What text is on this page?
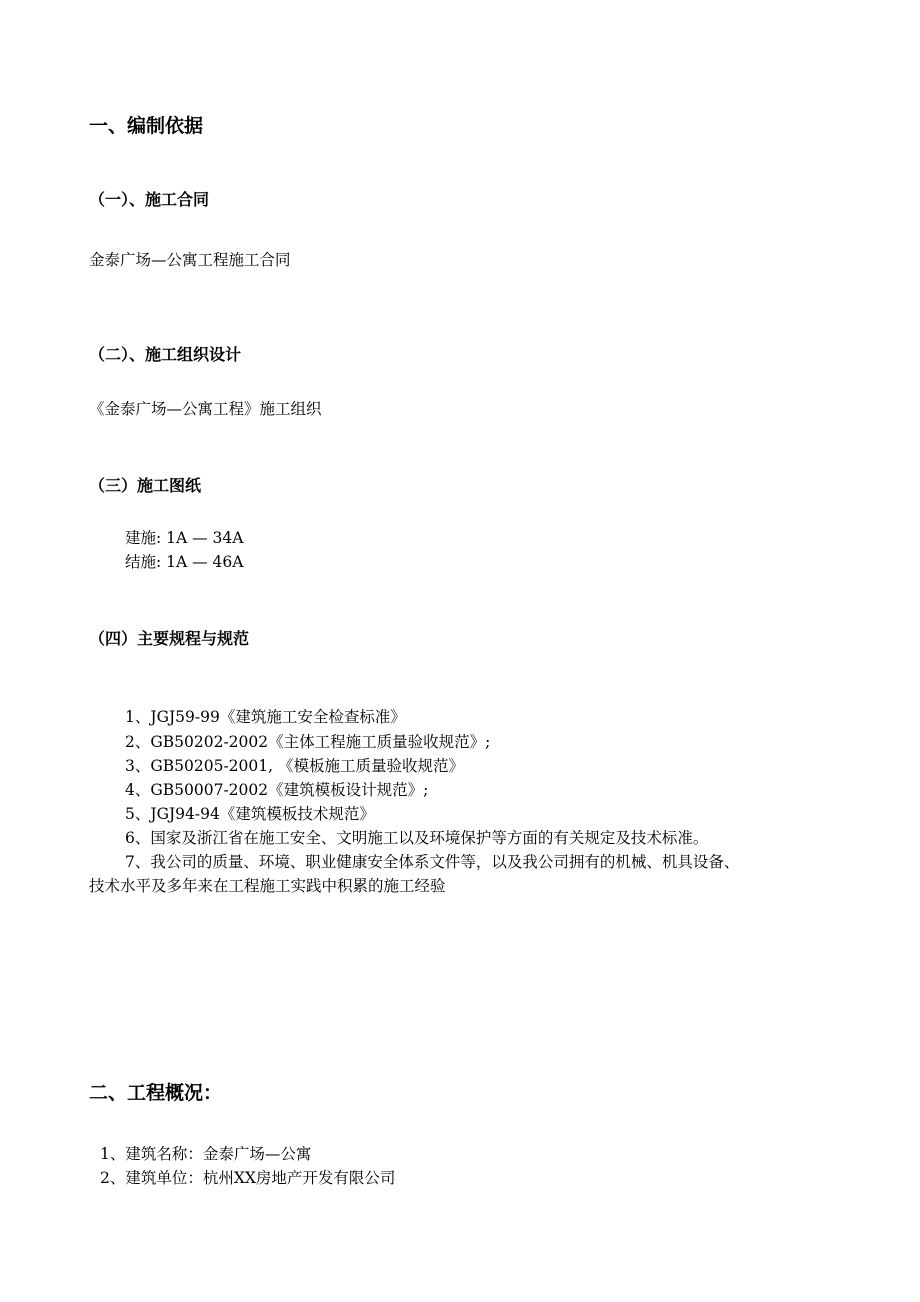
一、编制依据
（一）、施工合同
金泰广场—公寓工程施工合同
（二）、施工组织设计
《金泰广场—公寓工程》施工组织
（三）施工图纸
建施: 1A — 34A
结施: 1A — 46A
（四）主要规程与规范
1、JGJ59-99《建筑施工安全检查标准》
2、GB50202-2002《主体工程施工质量验收规范》;
3、GB50205-2001, 《模板施工质量验收规范》
4、GB50007-2002《建筑模板设计规范》;
5、JGJ94-94《建筑模板技术规范》
6、国家及浙江省在施工安全、文明施工以及环境保护等方面的有关规定及技术标准。
7、我公司的质量、环境、职业健康安全体系文件等，以及我公司拥有的机械、机具设备、
技术水平及多年来在工程施工实践中积累的施工经验
二、工程概况：
1、建筑名称：金泰广场—公寓
2、建筑单位：杭州XX房地产开发有限公司
